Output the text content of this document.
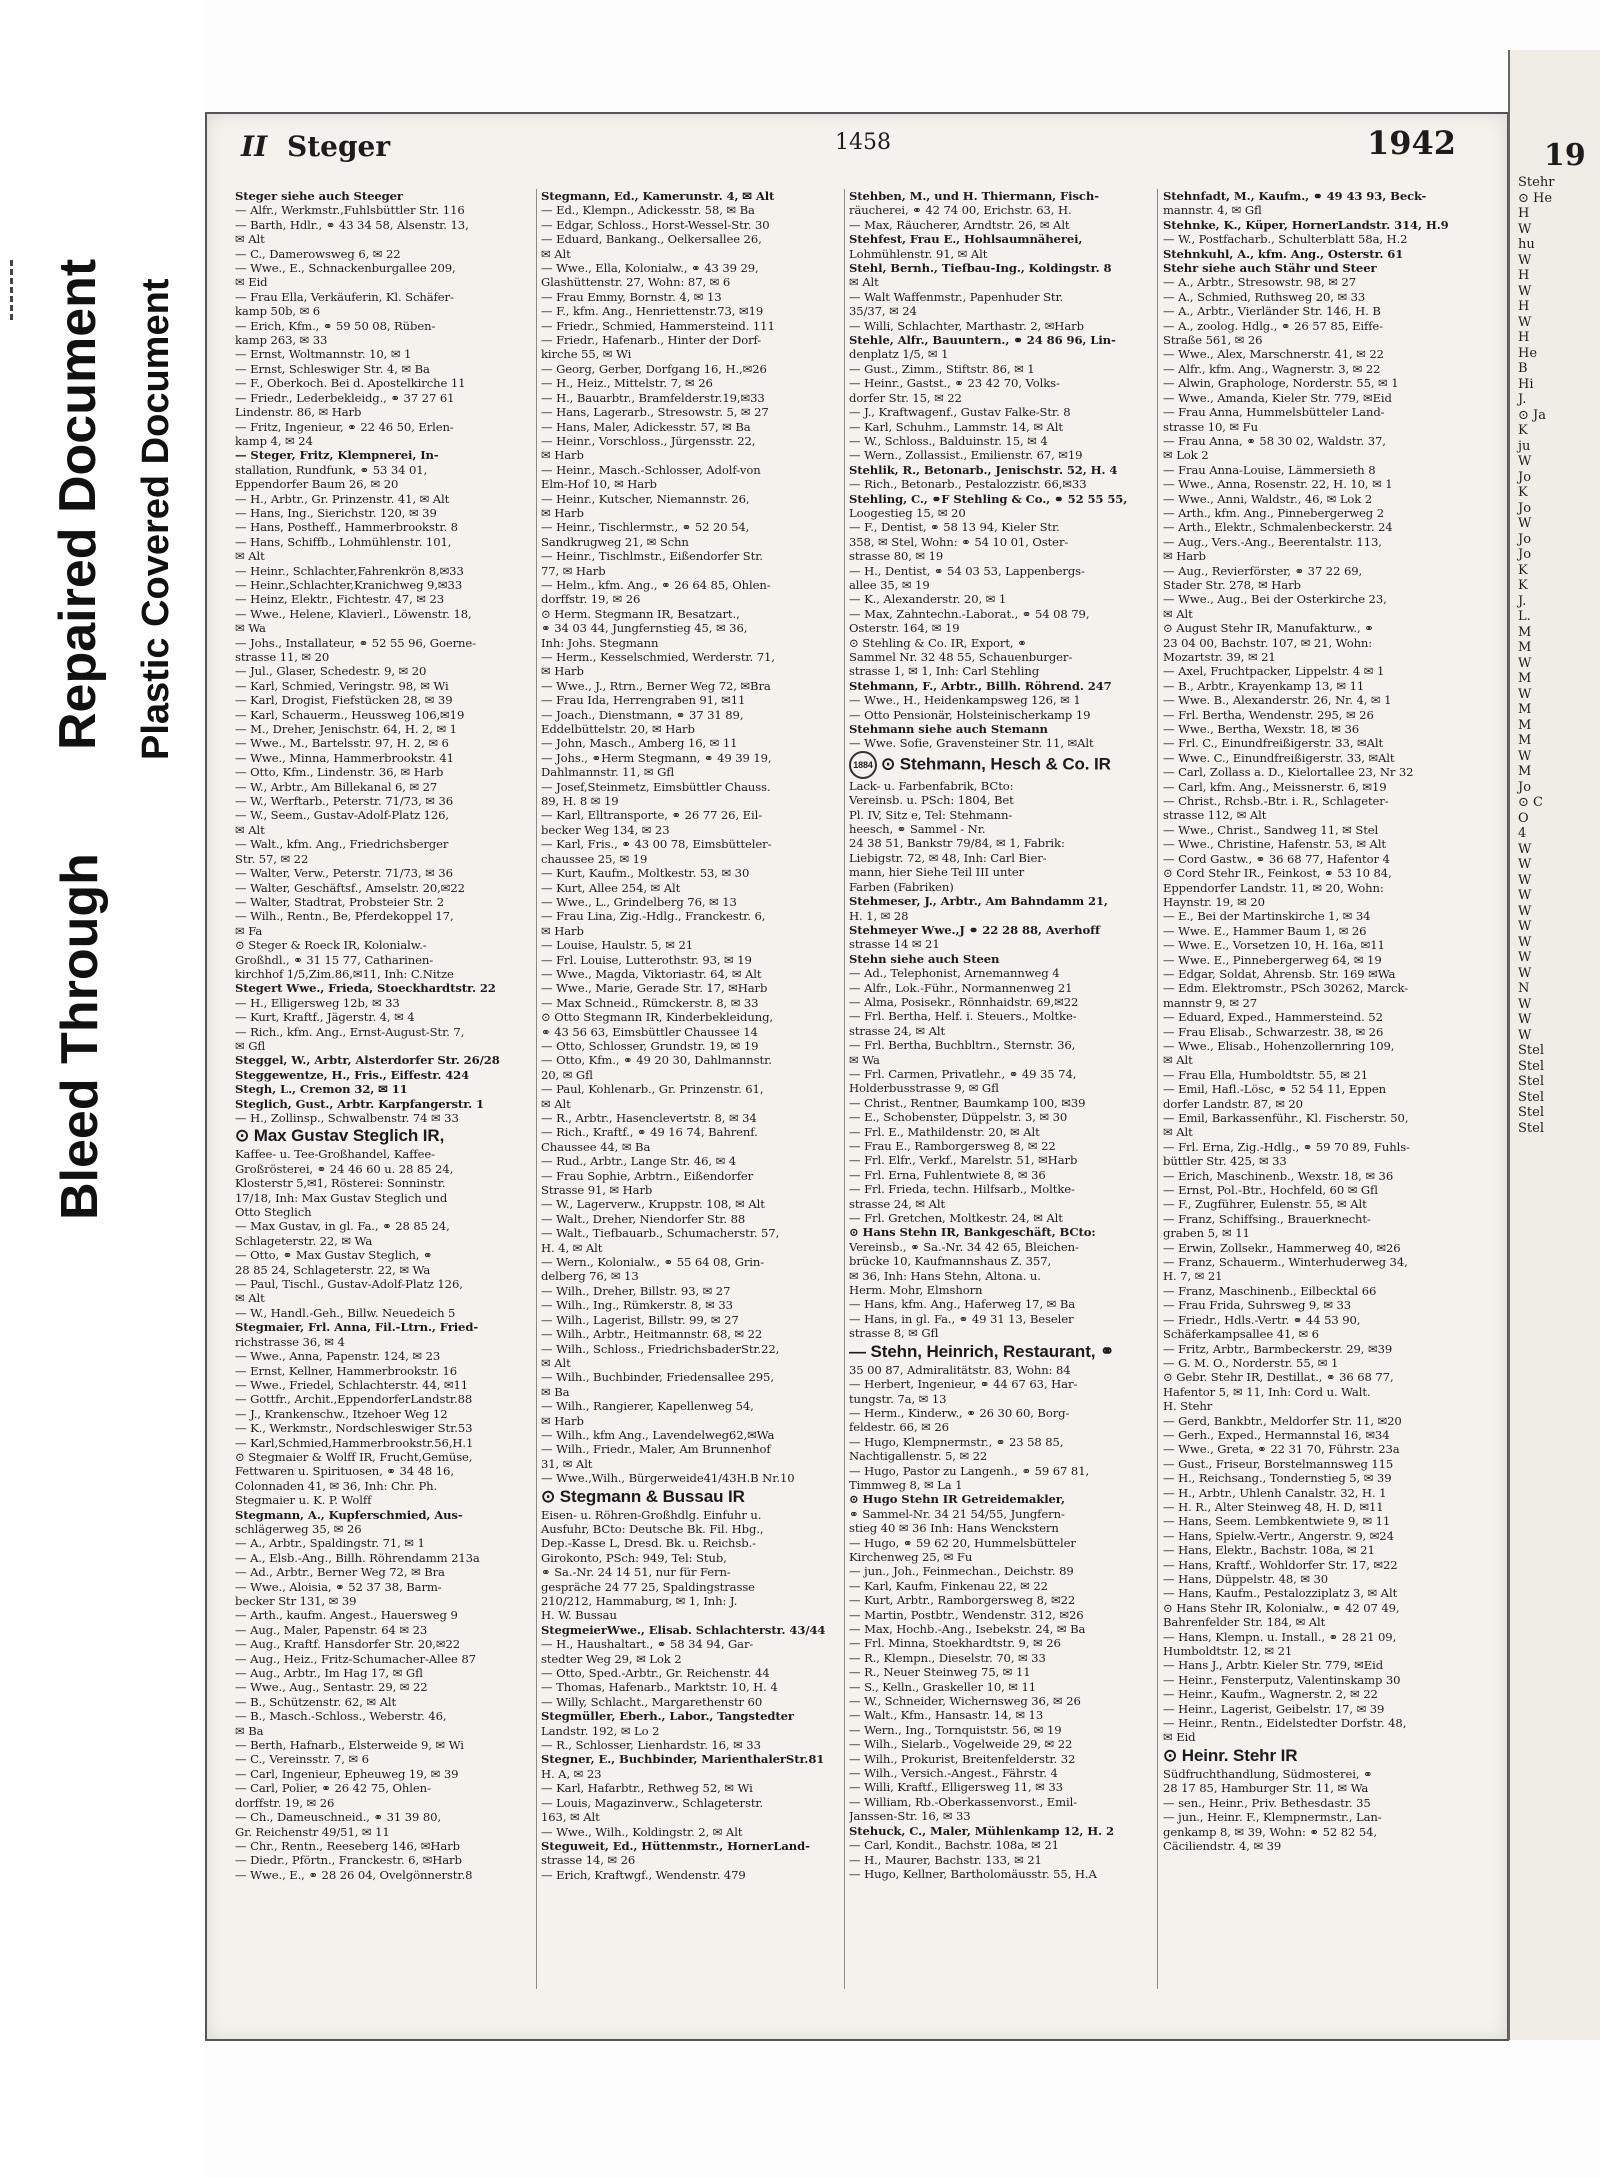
Bleed Through
Repaired Document Plastic Covered Document
II Steger	1458	1942
Steger siehe auch Steeger
— Alfr., Werkmstr.,Fuhlsbüttler Str. 116
— Barth, Hdlr., ⚭ 43 34 58, Alsenstr. 13,
✉ Alt
— C., Damerowsweg 6, ✉ 22
— Wwe., E., Schnackenburgallee 209,
✉ Eid
— Frau Ella, Verkäuferin, Kl. Schäfer-
kamp 50b, ✉ 6
— Erich, Kfm., ⚭ 59 50 08, Rüben-
kamp 263, ✉ 33
— Ernst, Woltmannstr. 10, ✉ 1
— Ernst, Schleswiger Str. 4, ✉ Ba
— F., Oberkoch. Bei d. Apostelkirche 11
— Friedr., Lederbekleidg., ⚭ 37 27 61
Lindenstr. 86, ✉ Harb
— Fritz, Ingenieur, ⚭ 22 46 50, Erlen-
kamp 4, ✉ 24
— Steger, Fritz, Klempnerei, In-
stallation, Rundfunk, ⚭ 53 34 01,
Eppendorfer Baum 26, ✉ 20
— H., Arbtr., Gr. Prinzenstr. 41, ✉ Alt
— Hans, Ing., Sierichstr. 120, ✉ 39
— Hans, Postheff., Hammerbrookstr. 8
— Hans, Schiffb., Lohmühlenstr. 101,
✉ Alt
— Heinr., Schlachter,Fahrenkrön 8,✉33
— Heinr.,Schlachter,Kranichweg 9,✉33
— Heinz, Elektr., Fichtestr. 47, ✉ 23
— Wwe., Helene, Klavierl., Löwenstr. 18,
✉ Wa
— Johs., Installateur, ⚭ 52 55 96, Goerne-
strasse 11, ✉ 20
— Jul., Glaser, Schedestr. 9, ✉ 20
— Karl, Schmied, Veringstr. 98, ✉ Wi
— Karl, Drogist, Fiefstücken 28, ✉ 39
— Karl, Schauerm., Heussweg 106,✉19
— M., Dreher, Jenischstr. 64, H. 2, ✉ 1
— Wwe., M., Bartelsstr. 97, H. 2, ✉ 6
— Wwe., Minna, Hammerbrookstr. 41
— Otto, Kfm., Lindenstr. 36, ✉ Harb
— W., Arbtr., Am Billekanal 6, ✉ 27
— W., Werftarb., Peterstr. 71/73, ✉ 36
— W., Seem., Gustav-Adolf-Platz 126,
✉ Alt
— Walt., kfm. Ang., Friedrichsberger
Str. 57, ✉ 22
— Walter, Verw., Peterstr. 71/73, ✉ 36
— Walter, Geschäftsf., Amselstr. 20,✉22
— Walter, Stadtrat, Probsteier Str. 2
— Wilh., Rentn., Be, Pferdekoppel 17,
✉ Fa
⊙ Steger & Roeck IR, Kolonialw.-
Großhdl., ⚭ 31 15 77, Catharinen-
kirchhof 1/5,Zim.86,✉11, Inh: C.Nitze
Stegert Wwe., Frieda, Stoeckhardtstr. 22
— H., Elligersweg 12b, ✉ 33
— Kurt, Kraftf., Jägerstr. 4, ✉ 4
— Rich., kfm. Ang., Ernst-August-Str. 7,
✉ Gfl
Steggel, W., Arbtr, Alsterdorfer Str. 26/28
Steggewentze, H., Fris., Eiffestr. 424
Stegh, L., Cremon 32, ✉ 11
Steglich, Gust., Arbtr. Karpfangerstr. 1
— H., Zollinsp., Schwalbenstr. 74 ✉ 33
⊙ Max Gustav Steglich IR,
Kaffee- u. Tee-Großhandel, Kaffee-
Großrösterei, ⚭ 24 46 60 u. 28 85 24,
Klosterstr 5,✉1, Rösterei: Sonninstr.
17/18, Inh: Max Gustav Steglich und
Otto Steglich
— Max Gustav, in gl. Fa., ⚭ 28 85 24,
Schlageterstr. 22, ✉ Wa
— Otto, ⚭ Max Gustav Steglich, ⚭
28 85 24, Schlageterstr. 22, ✉ Wa
— Paul, Tischl., Gustav-Adolf-Platz 126,
✉ Alt
— W., Handl.-Geh., Billw. Neuedeich 5
Stegmaier, Frl. Anna, Fil.-Ltrn., Fried-
richstrasse 36, ✉ 4
— Wwe., Anna, Papenstr. 124, ✉ 23
— Ernst, Kellner, Hammerbrookstr. 16
— Wwe., Friedel, Schlachterstr. 44, ✉11
— Gottfr., Archit.,EppendorferLandstr.88
— J., Krankenschw., Itzehoer Weg 12
— K., Werkmstr., Nordschleswiger Str.53
— Karl,Schmied,Hammerbrookstr.56,H.1
⊙ Stegmaier & Wolff IR, Frucht,Gemüse,
Fettwaren u. Spirituosen, ⚭ 34 48 16,
Colonnaden 41, ✉ 36, Inh: Chr. Ph.
Stegmaier u. K. P. Wolff
Stegmann, A., Kupferschmied, Aus-
schlägerweg 35, ✉ 26
— A., Arbtr., Spaldingstr. 71, ✉ 1
— A., Elsb.-Ang., Billh. Röhrendamm 213a
— Ad., Arbtr., Berner Weg 72, ✉ Bra
— Wwe., Aloisia, ⚭ 52 37 38, Barm-
becker Str 131, ✉ 39
— Arth., kaufm. Angest., Hauersweg 9
— Aug., Maler, Papenstr. 64 ✉ 23
— Aug., Kraftf. Hansdorfer Str. 20,✉22
— Aug., Heiz., Fritz-Schumacher-Allee 87
— Aug., Arbtr., Im Hag 17, ✉ Gfl
— Wwe., Aug., Sentastr. 29, ✉ 22
— B., Schützenstr. 62, ✉ Alt
— B., Masch.-Schloss., Weberstr. 46,
✉ Ba
— Berth, Hafnarb., Elsterweide 9, ✉ Wi
— C., Vereinsstr. 7, ✉ 6
— Carl, Ingenieur, Epheuweg 19, ✉ 39
— Carl, Polier, ⚭ 26 42 75, Ohlen-
dorffstr. 19, ✉ 26
— Ch., Dameuschneid., ⚭ 31 39 80,
Gr. Reichenstr 49/51, ✉ 11
— Chr., Rentn., Reeseberg 146, ✉Harb
— Diedr., Pförtn., Franckestr. 6, ✉Harb
— Wwe., E., ⚭ 28 26 04, Ovelgönnerstr.8
Stegmann, Ed., Kamerunstr. 4, ✉ Alt
— Ed., Klempn., Adickesstr. 58, ✉ Ba
— Edgar, Schloss., Horst-Wessel-Str. 30
— Eduard, Bankang., Oelkersallee 26,
✉ Alt
— Wwe., Ella, Kolonialw., ⚭ 43 39 29,
Glashüttenstr. 27, Wohn: 87, ✉ 6
— Frau Emmy, Bornstr. 4, ✉ 13
— F., kfm. Ang., Henriettenstr.73, ✉19
— Friedr., Schmied, Hammersteind. 111
— Friedr., Hafenarb., Hinter der Dorf-
kirche 55, ✉ Wi
— Georg, Gerber, Dorfgang 16, H.,✉26
— H., Heiz., Mittelstr. 7, ✉ 26
— H., Bauarbtr., Bramfelderstr.19,✉33
— Hans, Lagerarb., Stresowstr. 5, ✉ 27
— Hans, Maler, Adickesstr. 57, ✉ Ba
— Heinr., Vorschloss., Jürgensstr. 22,
✉ Harb
— Heinr., Masch.-Schlosser, Adolf-von
Elm-Hof 10, ✉ Harb
— Heinr., Kutscher, Niemannstr. 26,
✉ Harb
— Heinr., Tischlermstr., ⚭ 52 20 54,
Sandkrugweg 21, ✉ Schn
— Heinr., Tischlmstr., Eißendorfer Str.
77, ✉ Harb
— Helm., kfm. Ang., ⚭ 26 64 85, Ohlen-
dorffstr. 19, ✉ 26
⊙ Herm. Stegmann IR, Besatzart.,
⚭ 34 03 44, Jungfernstieg 45, ✉ 36,
Inh: Johs. Stegmann
— Herm., Kesselschmied, Werderstr. 71,
✉ Harb
— Wwe., J., Rtrn., Berner Weg 72, ✉Bra
— Frau Ida, Herrengraben 91, ✉11
— Joach., Dienstmann, ⚭ 37 31 89,
Eddelbüttelstr. 20, ✉ Harb
— John, Masch., Amberg 16, ✉ 11
— Johs., ⚭Herm Stegmann, ⚭ 49 39 19,
Dahlmannstr. 11, ✉ Gfl
— Josef,Steinmetz, Eimsbüttler Chauss.
89, H. 8 ✉ 19
— Karl, Elltransporte, ⚭ 26 77 26, Eil-
becker Weg 134, ✉ 23
— Karl, Fris., ⚭ 43 00 78, Eimsbütteler-
chaussee 25, ✉ 19
— Kurt, Kaufm., Moltkestr. 53, ✉ 30
— Kurt, Allee 254, ✉ Alt
— Wwe., L., Grindelberg 76, ✉ 13
— Frau Lina, Zig.-Hdlg., Franckestr. 6,
✉ Harb
— Louise, Haulstr. 5, ✉ 21
— Frl. Louise, Lutterothstr. 93, ✉ 19
— Wwe., Magda, Viktoriastr. 64, ✉ Alt
— Wwe., Marie, Gerade Str. 17, ✉Harb
— Max Schneid., Rümckerstr. 8, ✉ 33
⊙ Otto Stegmann IR, Kinderbekleidung,
⚭ 43 56 63, Eimsbüttler Chaussee 14
— Otto, Schlosser, Grundstr. 19, ✉ 19
— Otto, Kfm., ⚭ 49 20 30, Dahlmannstr.
20, ✉ Gfl
— Paul, Kohlenarb., Gr. Prinzenstr. 61,
✉ Alt
— R., Arbtr., Hasenclevertstr. 8, ✉ 34
— Rich., Kraftf., ⚭ 49 16 74, Bahrenf.
Chaussee 44, ✉ Ba
— Rud., Arbtr., Lange Str. 46, ✉ 4
— Frau Sophie, Arbtrn., Eißendorfer
Strasse 91, ✉ Harb
— W., Lagerverw., Kruppstr. 108, ✉ Alt
— Walt., Dreher, Niendorfer Str. 88
— Walt., Tiefbauarb., Schumacherstr. 57,
H. 4, ✉ Alt
— Wern., Kolonialw., ⚭ 55 64 08, Grin-
delberg 76, ✉ 13
— Wilh., Dreher, Billstr. 93, ✉ 27
— Wilh., Ing., Rümkerstr. 8, ✉ 33
— Wilh., Lagerist, Billstr. 99, ✉ 27
— Wilh., Arbtr., Heitmannstr. 68, ✉ 22
— Wilh., Schloss., FriedrichsbaderStr.22,
✉ Alt
— Wilh., Buchbinder, Friedensallee 295,
✉ Ba
— Wilh., Rangierer, Kapellenweg 54,
✉ Harb
— Wilh., kfm Ang., Lavendelweg62,✉Wa
— Wilh., Friedr., Maler, Am Brunnenhof
31, ✉ Alt
— Wwe.,Wilh., Bürgerweide41/43H.B Nr.10
⊙ Stegmann & Bussau IR
Eisen- u. Röhren-Großhdlg. Einfuhr u.
Ausfuhr, BCto: Deutsche Bk. Fil. Hbg.,
Dep.-Kasse L, Dresd. Bk. u. Reichsb.-
Girokonto, PSch: 949, Tel: Stub,
⚭ Sa.-Nr. 24 14 51, nur für Fern-
gespräche 24 77 25, Spaldingstrasse
210/212, Hammaburg, ✉ 1, Inh: J.
H. W. Bussau
StegmeierWwe., Elisab. Schlachterstr. 43/44
— H., Haushaltart., ⚭ 58 34 94, Gar-
stedter Weg 29, ✉ Lok 2
— Otto, Sped.-Arbtr., Gr. Reichenstr. 44
— Thomas, Hafenarb., Marktstr. 10, H. 4
— Willy, Schlacht., Margarethenstr 60
Stegmüller, Eberh., Labor., Tangstedter
Landstr. 192, ✉ Lo 2
— R., Schlosser, Lienhardstr. 16, ✉ 33
Stegner, E., Buchbinder, MarienthalerStr.81
H. A, ✉ 23
— Karl, Hafarbtr., Rethweg 52, ✉ Wi
— Louis, Magazinverw., Schlageterstr.
163, ✉ Alt
— Wwe., Wilh., Koldingstr. 2, ✉ Alt
Steguweit, Ed., Hüttenmstr., HornerLand-
strasse 14, ✉ 26
— Erich, Kraftwgf., Wendenstr. 479
Stehben, M., und H. Thiermann, Fisch-
räucherei, ⚭ 42 74 00, Erichstr. 63, H.
— Max, Räucherer, Arndtstr. 26, ✉ Alt
Stehfest, Frau E., Hohlsaumnäherei,
Lohmühlenstr. 91, ✉ Alt
Stehl, Bernh., Tiefbau-Ing., Koldingstr. 8
✉ Alt
— Walt Waffenmstr., Papenhuder Str.
35/37, ✉ 24
— Willi, Schlachter, Marthastr. 2, ✉Harb
Stehle, Alfr., Bauuntern., ⚭ 24 86 96, Lin-
denplatz 1/5, ✉ 1
— Gust., Zimm., Stiftstr. 86, ✉ 1
— Heinr., Gastst., ⚭ 23 42 70, Volks-
dorfer Str. 15, ✉ 22
— J., Kraftwagenf., Gustav Falke-Str. 8
— Karl, Schuhm., Lammstr. 14, ✉ Alt
— W., Schloss., Balduinstr. 15, ✉ 4
— Wern., Zollassist., Emilienstr. 67, ✉19
Stehlik, R., Betonarb., Jenischstr. 52, H. 4
— Rich., Betonarb., Pestalozzistr. 66,✉33
Stehling, C., ⚭F Stehling & Co., ⚭ 52 55 55,
Loogestieg 15, ✉ 20
— F., Dentist, ⚭ 58 13 94, Kieler Str.
358, ✉ Stel, Wohn: ⚭ 54 10 01, Oster-
strasse 80, ✉ 19
— H., Dentist, ⚭ 54 03 53, Lappenbergs-
allee 35, ✉ 19
— K., Alexanderstr. 20, ✉ 1
— Max, Zahntechn.-Laborat., ⚭ 54 08 79,
Osterstr. 164, ✉ 19
⊙ Stehling & Co. IR, Export, ⚭
Sammel Nr. 32 48 55, Schauenburger-
strasse 1, ✉ 1, Inh: Carl Stehling
Stehmann, F., Arbtr., Billh. Röhrend. 247
— Wwe., H., Heidenkampsweg 126, ✉ 1
— Otto Pensionär, Holsteinischerkamp 19
Stehmann siehe auch Stemann
— Wwe. Sofie, Gravensteiner Str. 11, ✉Alt
1884 ⊙ Stehmann, Hesch & Co. IR
Lack- u. Farbenfabrik, BCto:
Vereinsb. u. PSch: 1804, Bet
Pl. IV, Sitz e, Tel: Stehmann-
heesch, ⚭ Sammel - Nr.
24 38 51, Bankstr 79/84, ✉ 1, Fabrik:
Liebigstr. 72, ✉ 48, Inh: Carl Bier-
mann, hier Siehe Teil III unter
Farben (Fabriken)
Stehmeser, J., Arbtr., Am Bahndamm 21,
H. 1, ✉ 28
Stehmeyer Wwe.,J ⚭ 22 28 88, Averhoff
strasse 14 ✉ 21
Stehn siehe auch Steen
— Ad., Telephonist, Arnemannweg 4
— Alfr., Lok.-Führ., Normannenweg 21
— Alma, Posisekr., Rönnhaidstr. 69,✉22
— Frl. Bertha, Helf. i. Steuers., Moltke-
strasse 24, ✉ Alt
— Frl. Bertha, Buchbltrn., Sternstr. 36,
✉ Wa
— Frl. Carmen, Privatlehr., ⚭ 49 35 74,
Holderbusstrasse 9, ✉ Gfl
— Christ., Rentner, Baumkamp 100, ✉39
— E., Schobenster, Düppelstr. 3, ✉ 30
— Frl. E., Mathildenstr. 20, ✉ Alt
— Frau E., Ramborgersweg 8, ✉ 22
— Frl. Elfr., Verkf., Marelstr. 51, ✉Harb
— Frl. Erna, Fuhlentwiete 8, ✉ 36
— Frl. Frieda, techn. Hilfsarb., Moltke-
strasse 24, ✉ Alt
— Frl. Gretchen, Moltkestr. 24, ✉ Alt
⊙ Hans Stehn IR, Bankgeschäft, BCto:
Vereinsb., ⚭ Sa.-Nr. 34 42 65, Bleichen-
brücke 10, Kaufmannshaus Z. 357,
✉ 36, Inh: Hans Stehn, Altona. u.
Herm. Mohr, Elmshorn
— Hans, kfm. Ang., Haferweg 17, ✉ Ba
— Hans, in gl. Fa., ⚭ 49 31 13, Beseler
strasse 8, ✉ Gfl
— Stehn, Heinrich, Restaurant, ⚭
35 00 87, Admiralitätstr. 83, Wohn: 84
— Herbert, Ingenieur, ⚭ 44 67 63, Har-
tungstr. 7a, ✉ 13
— Herm., Kinderw., ⚭ 26 30 60, Borg-
feldestr. 66, ✉ 26
— Hugo, Klempnermstr., ⚭ 23 58 85,
Nachtigallenstr. 5, ✉ 22
— Hugo, Pastor zu Langenh., ⚭ 59 67 81,
Timmweg 8, ✉ La 1
⊙ Hugo Stehn IR Getreidemakler,
⚭ Sammel-Nr. 34 21 54/55, Jungfern-
stieg 40 ✉ 36 Inh: Hans Wenckstern
— Hugo, ⚭ 59 62 20, Hummelsbütteler
Kirchenweg 25, ✉ Fu
— jun., Joh., Feinmechan., Deichstr. 89
— Karl, Kaufm, Finkenau 22, ✉ 22
— Kurt, Arbtr., Ramborgersweg 8, ✉22
— Martin, Postbtr., Wendenstr. 312, ✉26
— Max, Hochb.-Ang., Isebekstr. 24, ✉ Ba
— Frl. Minna, Stoekhardtstr. 9, ✉ 26
— R., Klempn., Dieselstr. 70, ✉ 33
— R., Neuer Steinweg 75, ✉ 11
— S., Kelln., Graskeller 10, ✉ 11
— W., Schneider, Wichernsweg 36, ✉ 26
— Walt., Kfm., Hansastr. 14, ✉ 13
— Wern., Ing., Tornquiststr. 56, ✉ 19
— Wilh., Sielarb., Vogelweide 29, ✉ 22
— Wilh., Prokurist, Breitenfelderstr. 32
— Wilh., Versich.-Angest., Fährstr. 4
— Willi, Kraftf., Elligersweg 11, ✉ 33
— William, Rb.-Oberkassenvorst., Emil-
Janssen-Str. 16, ✉ 33
Stehuck, C., Maler, Mühlenkamp 12, H. 2
— Carl, Kondit., Bachstr. 108a, ✉ 21
— H., Maurer, Bachstr. 133, ✉ 21
— Hugo, Kellner, Bartholomäusstr. 55, H.A
Stehnfadt, M., Kaufm., ⚭ 49 43 93, Beck-
mannstr. 4, ✉ Gfl
Stehnke, K., Küper, HornerLandstr. 314, H.9
— W., Postfacharb., Schulterblatt 58a, H.2
Stehnkuhl, A., kfm. Ang., Osterstr. 61
Stehr siehe auch Stähr und Steer
— A., Arbtr., Stresowstr. 98, ✉ 27
— A., Schmied, Ruthsweg 20, ✉ 33
— A., Arbtr., Vierländer Str. 146, H. B
— A., zoolog. Hdlg., ⚭ 26 57 85, Eiffe-
Straße 561, ✉ 26
— Wwe., Alex, Marschnerstr. 41, ✉ 22
— Alfr., kfm. Ang., Wagnerstr. 3, ✉ 22
— Alwin, Graphologe, Norderstr. 55, ✉ 1
— Wwe., Amanda, Kieler Str. 779, ✉Eid
— Frau Anna, Hummelsbütteler Land-
strasse 10, ✉ Fu
— Frau Anna, ⚭ 58 30 02, Waldstr. 37,
✉ Lok 2
— Frau Anna-Louise, Lämmersieth 8
— Wwe., Anna, Rosenstr. 22, H. 10, ✉ 1
— Wwe., Anni, Waldstr., 46, ✉ Lok 2
— Arth., kfm. Ang., Pinnebergerweg 2
— Arth., Elektr., Schmalenbeckerstr. 24
— Aug., Vers.-Ang., Beerentalstr. 113,
✉ Harb
— Aug., Revierförster, ⚭ 37 22 69,
Stader Str. 278, ✉ Harb
— Wwe., Aug., Bei der Osterkirche 23,
✉ Alt
⊙ August Stehr IR, Manufakturw., ⚭
23 04 00, Bachstr. 107, ✉ 21, Wohn:
Mozartstr. 39, ✉ 21
— Axel, Fruchtpacker, Lippelstr. 4 ✉ 1
— B., Arbtr., Krayenkamp 13, ✉ 11
— Wwe. B., Alexanderstr. 26, Nr. 4, ✉ 1
— Frl. Bertha, Wendenstr. 295, ✉ 26
— Wwe., Bertha, Wexstr. 18, ✉ 36
— Frl. C., Einundfreißigerstr. 33, ✉Alt
— Wwe. C., Einundfreißigerstr. 33, ✉Alt
— Carl, Zollass a. D., Kielortallee 23, Nr 32
— Carl, kfm. Ang., Meissnerstr. 6, ✉19
— Christ., Rchsb.-Btr. i. R., Schlageter-
strasse 112, ✉ Alt
— Wwe., Christ., Sandweg 11, ✉ Stel
— Wwe., Christine, Hafenstr. 53, ✉ Alt
— Cord Gastw., ⚭ 36 68 77, Hafentor 4
⊙ Cord Stehr IR., Feinkost, ⚭ 53 10 84,
Eppendorfer Landstr. 11, ✉ 20, Wohn:
Haynstr. 19, ✉ 20
— E., Bei der Martinskirche 1, ✉ 34
— Wwe. E., Hammer Baum 1, ✉ 26
— Wwe. E., Vorsetzen 10, H. 16a, ✉11
— Wwe. E., Pinnebergerweg 64, ✉ 19
— Edgar, Soldat, Ahrensb. Str. 169 ✉Wa
— Edm. Elektromstr., PSch 30262, Marck-
mannstr 9, ✉ 27
— Eduard, Exped., Hammersteind. 52
— Frau Elisab., Schwarzestr. 38, ✉ 26
— Wwe., Elisab., Hohenzollernring 109,
✉ Alt
— Frau Ella, Humboldtstr. 55, ✉ 21
— Emil, Hafl.-Lösc, ⚭ 52 54 11, Eppen
dorfer Landstr. 87, ✉ 20
— Emil, Barkassenführ., Kl. Fischerstr. 50,
✉ Alt
— Frl. Erna, Zig.-Hdlg., ⚭ 59 70 89, Fuhls-
büttler Str. 425, ✉ 33
— Erich, Maschinenb., Wexstr. 18, ✉ 36
— Ernst, Pol.-Btr., Hochfeld, 60 ✉ Gfl
— F., Zugführer, Eulenstr. 55, ✉ Alt
— Franz, Schiffsing., Brauerknecht-
graben 5, ✉ 11
— Erwin, Zollsekr., Hammerweg 40, ✉26
— Franz, Schauerm., Winterhuderweg 34,
H. 7, ✉ 21
— Franz, Maschinenb., Eilbecktal 66
— Frau Frida, Suhrsweg 9, ✉ 33
— Friedr., Hdls.-Vertr. ⚭ 44 53 90,
Schäferkampsallee 41, ✉ 6
— Fritz, Arbtr., Barmbeckerstr. 29, ✉39
— G. M. O., Norderstr. 55, ✉ 1
⊙ Gebr. Stehr IR, Destillat., ⚭ 36 68 77,
Hafentor 5, ✉ 11, Inh: Cord u. Walt.
H. Stehr
— Gerd, Bankbtr., Meldorfer Str. 11, ✉20
— Gerh., Exped., Hermannstal 16, ✉34
— Wwe., Greta, ⚭ 22 31 70, Führstr. 23a
— Gust., Friseur, Borstelmannsweg 115
— H., Reichsang., Tondernstieg 5, ✉ 39
— H., Arbtr., Uhlenh Canalstr. 32, H. 1
— H. R., Alter Steinweg 48, H. D, ✉11
— Hans, Seem. Lembkentwiete 9, ✉ 11
— Hans, Spielw.-Vertr., Angerstr. 9, ✉24
— Hans, Elektr., Bachstr. 108a, ✉ 21
— Hans, Kraftf., Wohldorfer Str. 17, ✉22
— Hans, Düppelstr. 48, ✉ 30
— Hans, Kaufm., Pestalozziplatz 3, ✉ Alt
⊙ Hans Stehr IR, Kolonialw., ⚭ 42 07 49,
Bahrenfelder Str. 184, ✉ Alt
— Hans, Klempn. u. Install., ⚭ 28 21 09,
Humboldtstr. 12, ✉ 21
— Hans J., Arbtr. Kieler Str. 779, ✉Eid
— Heinr., Fensterputz, Valentinskamp 30
— Heinr., Kaufm., Wagnerstr. 2, ✉ 22
— Heinr., Lagerist, Geibelstr. 17, ✉ 39
— Heinr., Rentn., Eidelstedter Dorfstr. 48,
✉ Eid
⊙ Heinr. Stehr IR
Südfruchthandlung, Südmosterei, ⚭
28 17 85, Hamburger Str. 11, ✉ Wa
— sen., Heinr., Priv. Bethesdastr. 35
— jun., Heinr. F., Klempnermstr., Lan-
genkamp 8, ✉ 39, Wohn: ⚭ 52 82 54,
Cäciliendstr. 4, ✉ 39
19
Stehr
⊙ He
H
W
hu
W
H
W
H
W
H
He
B
Hi
J.
⊙ Ja
K
ju
W
Jo
K
Jo
W
Jo
Jo
K
K
J.
L.
M
M
W
M
W
M
M
M
W
M
Jo
⊙ C
O
4
W
W
W
W
W
W
W
W
W
N
W
W
W
Stel
Stel
Stel
Stel
Stel
Stel
